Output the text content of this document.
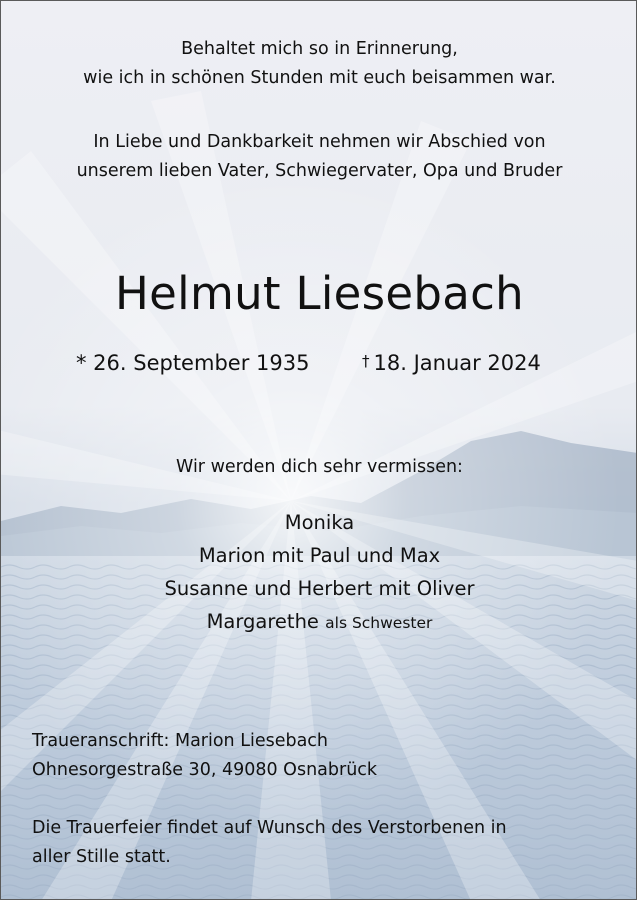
Behaltet mich so in Erinnerung,
wie ich in schönen Stunden mit euch beisammen war.
In Liebe und Dankbarkeit nehmen wir Abschied von
unserem lieben Vater, Schwiegervater, Opa und Bruder
Helmut Liesebach
* 26. September 1935	† 18. Januar 2024
Wir werden dich sehr vermissen:
Monika
Marion mit Paul und Max
Susanne und Herbert mit Oliver
Margarethe als Schwester
Traueranschrift: Marion Liesebach
Ohnesorgestraße 30, 49080 Osnabrück
Die Trauerfeier findet auf Wunsch des Verstorbenen in
aller Stille statt.
